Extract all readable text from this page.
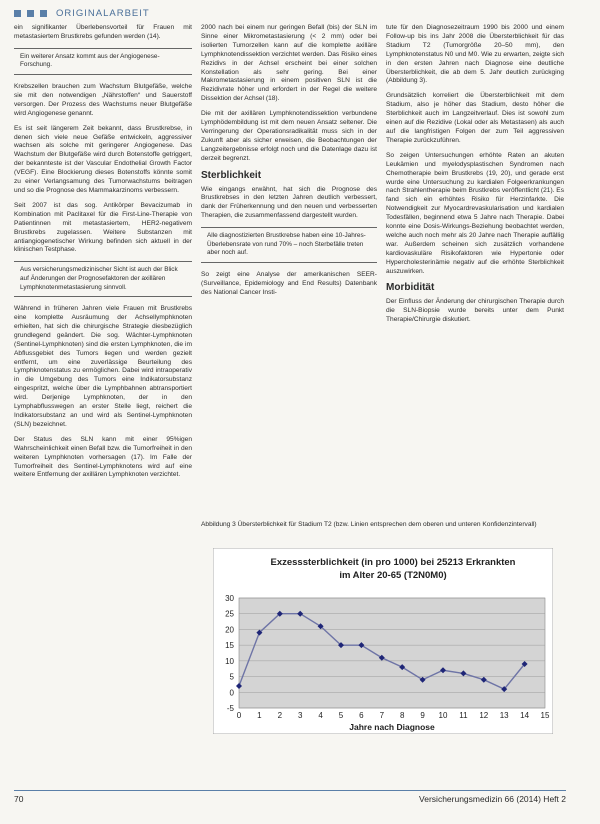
ORIGINALARBEIT

ein signifikanter Überlebensvorteil für Frauen mit metastasiertem Brustkrebs gefunden werden (14).

Ein weiterer Ansatz kommt aus der Angiogenese-Forschung.

Krebszellen brauchen zum Wachstum Blutgefäße, welche sie mit den notwendigen „Nährstoffen“ und Sauerstoff versorgen. Der Prozess des Wachstums neuer Blutgefäße wird Angiogenese genannt.

Es ist seit längerem Zeit bekannt, dass Brustkrebse, in denen sich viele neue Gefäße entwickeln, aggressiver wachsen als solche mit geringerer Angiogenese. Das Wachstum der Blutgefäße wird durch Botenstoffe getriggert, der bekannteste ist der Vascular Endothelial Growth Factor (VEGF). Eine Blockierung dieses Botenstoffs könnte somit zu einer Verlangsamung des Tumorwachstums beitragen und so die Prognose des Mammakarzinoms verbessern.

Seit 2007 ist das sog. Antikörper Bevacizumab in Kombination mit Paclitaxel für die First-Line-Therapie von Patientinnen mit metastasiertem, HER2-negativem Brustkrebs zugelassen. Weitere Substanzen mit antiangiogenetischer Wirkung befinden sich aktuell in der klinischen Testphase.

Aus versicherungsmedizinischer Sicht ist auch der Blick auf Änderungen der Prognosefaktoren der axillären Lymphknotenmetastasierung sinnvoll.

Während in früheren Jahren viele Frauen mit Brustkrebs eine komplette Ausräumung der Achsellymphknoten erhielten, hat sich die chirurgische Strategie diesbezüglich grundlegend geändert. Die sog. Wächter-Lymphknoten (Sentinel-Lymphknoten) sind die ersten Lymphknoten, die im Abflussgebiet des Tumors liegen und werden gezielt entfernt, um eine zuverlässige Beurteilung des Lymphknotenstatus zu ermöglichen. Dabei wird intraoperativ in die Umgebung des Tumors eine Indikatorsubstanz eingespritzt, welche über die Lymphbahnen abtransportiert wird. Derjenige Lymphknoten, der in den Lymphabflusswegen an erster Stelle liegt, reichert die Indikatorsubstanz an und wird als Sentinel-Lymphknoten (SLN) bezeichnet.

Der Status des SLN kann mit einer 95%igen Wahrscheinlichkeit einen Befall bzw. die Tumorfreiheit in den weiteren Lymphknoten vorhersagen (17). Im Falle der Tumorfreiheit des Sentinel-Lymphknotens wird auf eine weitere Entfernung der axillären Lymphknoten verzichtet.

2000 nach bei einem nur geringen Befall (bis) der SLN im Sinne einer Mikrometastasierung (< 2 mm) oder bei isolierten Tumorzellen kann auf die komplette axilläre Lymphknotendissektion verzichtet werden. Das Risiko eines Rezidivs in der Achsel erscheint bei einer solchen Konstellation als sehr gering. Bei einer Makrometastasierung in einem positiven SLN ist die Rezidivrate höher und erfordert in der Regel die weitere Dissektion der Achsel (18).

Die mit der axillären Lymphknotendissektion verbundene Lymphödembildung ist mit dem neuen Ansatz seltener. Die Verringerung der Operationsradikalität muss sich in der Zukunft aber als sicher erweisen, die Beobachtungen der Langzeitergebnisse erfolgt noch und die Datenlage dazu ist derzeit begrenzt.

Sterblichkeit

Wie eingangs erwähnt, hat sich die Prognose des Brustkrebses in den letzten Jahren deutlich verbessert, dank der Früherkennung und den neuen und verbesserten Therapien, die zusammenfassend dargestellt wurden.

Alle diagnostizierten Brustkrebse haben eine 10-Jahres-Überlebensrate von rund 70% – noch Sterbefälle treten aber noch auf.

So zeigt eine Analyse der amerikanischen SEER- (Surveillance, Epidemiology and End Results) Datenbank des National Cancer Insti-

tute für den Diagnosezeitraum 1990 bis 2000 und einem Follow-up bis ins Jahr 2008 die Übersterblichkeit für das Stadium T2 (Tumorgröße 20–50 mm), den Lymphknotenstatus N0 und M0. Wie zu erwarten, zeigte sich in den ersten Jahren nach Diagnose eine deutliche Übersterblichkeit, die ab dem 5. Jahr deutlich zurückging (Abbildung 3).

Grundsätzlich korreliert die Übersterblichkeit mit dem Stadium, also je höher das Stadium, desto höher die Sterblichkeit auch im Langzeitverlauf. Dies ist sowohl zum einen auf die Rezidive (Lokal oder als Metastasen) als auch auf die langfristigen Folgen der zum Teil aggressiven Therapie zurückzuführen.

So zeigen Untersuchungen erhöhte Raten an akuten Leukämien und myelodysplastischen Syndromen nach Chemotherapie beim Brustkrebs (19, 20), und gerade erst wurde eine Untersuchung zu kardialen Folgeerkrankungen nach Strahlentherapie beim Brustkrebs veröffentlicht (21). Es fand sich ein erhöhtes Risiko für Herzinfarkte. Die Notwendigkeit zur Myocardrevaskularisation und kardialen Todesfällen, beginnend etwa 5 Jahre nach Therapie. Dabei konnte eine Dosis-Wirkungs-Beziehung beobachtet werden, welche auch noch mehr als 20 Jahre nach Therapie auffällig war. Außerdem scheinen sich zusätzlich vorhandene kardiovaskuläre Risikofaktoren wie Hypertonie oder Hypercholesterinämie negativ auf die erhöhte Sterblichkeit auszuwirken.

Morbidität

Der Einfluss der Änderung der chirurgischen Therapie durch die SLN-Biopsie wurde bereits unter dem Punkt Therapie/Chirurgie diskutiert.

Abbildung 3 Übersterblichkeit für Stadium T2 (bzw. Linien entsprechen dem oberen und unteren Konfidenzintervall)
Exzesssterblichkeit (in pro 1000) bei 25213 Erkrankten
im Alter 20-65 (T2N0M0)
-5
0
5
10
15
20
25
30
0 1 2 3 4 5 6 7 8 9 10 11 12 13 14 15
Jahre nach Diagnose
70	Versicherungsmedizin 66 (2014) Heft 2
